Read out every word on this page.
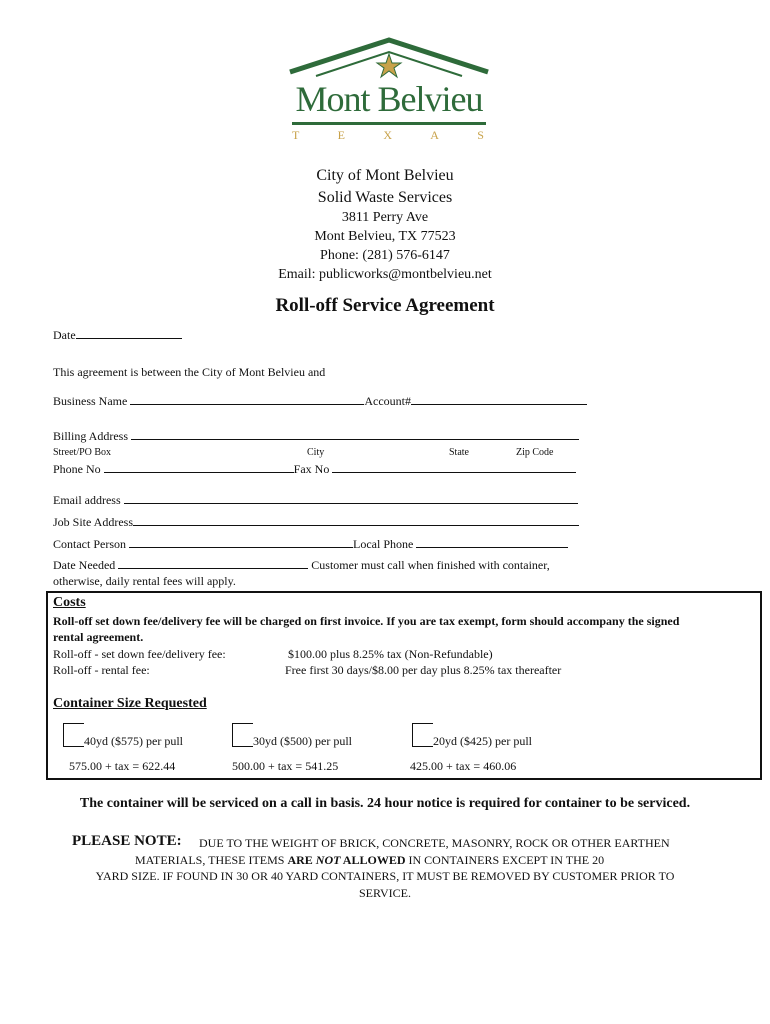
Mont Belvieu
T	E	X	A	S
City of Mont Belvieu
Solid Waste Services
3811 Perry Ave
Mont Belvieu, TX 77523
Phone: (281) 576-6147
Email: publicworks@montbelvieu.net
Roll-off Service Agreement
Date
This agreement is between the City of Mont Belvieu and
Business Name	Account#
Billing Address
Street/PO Box	City	State	Zip Code
Phone No	Fax No
Email address
Job Site Address
Contact Person	Local Phone
Date Needed	Customer must call when finished with container,
otherwise, daily rental fees will apply.
Costs
Roll-off set down fee/delivery fee will be charged on first invoice. If you are tax exempt, form should accompany the signed
rental agreement.
Roll-off - set down fee/delivery fee:	$100.00 plus 8.25% tax (Non-Refundable)
Roll-off - rental fee:	Free first 30 days/$8.00 per day plus 8.25% tax thereafter
Container Size Requested
40yd ($575) per pull	30yd ($500) per pull	20yd ($425) per pull
575.00 + tax = 622.44	500.00 + tax = 541.25	425.00 + tax = 460.06
The container will be serviced on a call in basis. 24 hour notice is required for container to be serviced.
PLEASE NOTE: DUE TO THE WEIGHT OF BRICK, CONCRETE, MASONRY, ROCK OR OTHER EARTHEN
MATERIALS, THESE ITEMS ARE NOT ALLOWED IN CONTAINERS EXCEPT IN THE 20
YARD SIZE. IF FOUND IN 30 OR 40 YARD CONTAINERS, IT MUST BE REMOVED BY CUSTOMER PRIOR TO
SERVICE.
